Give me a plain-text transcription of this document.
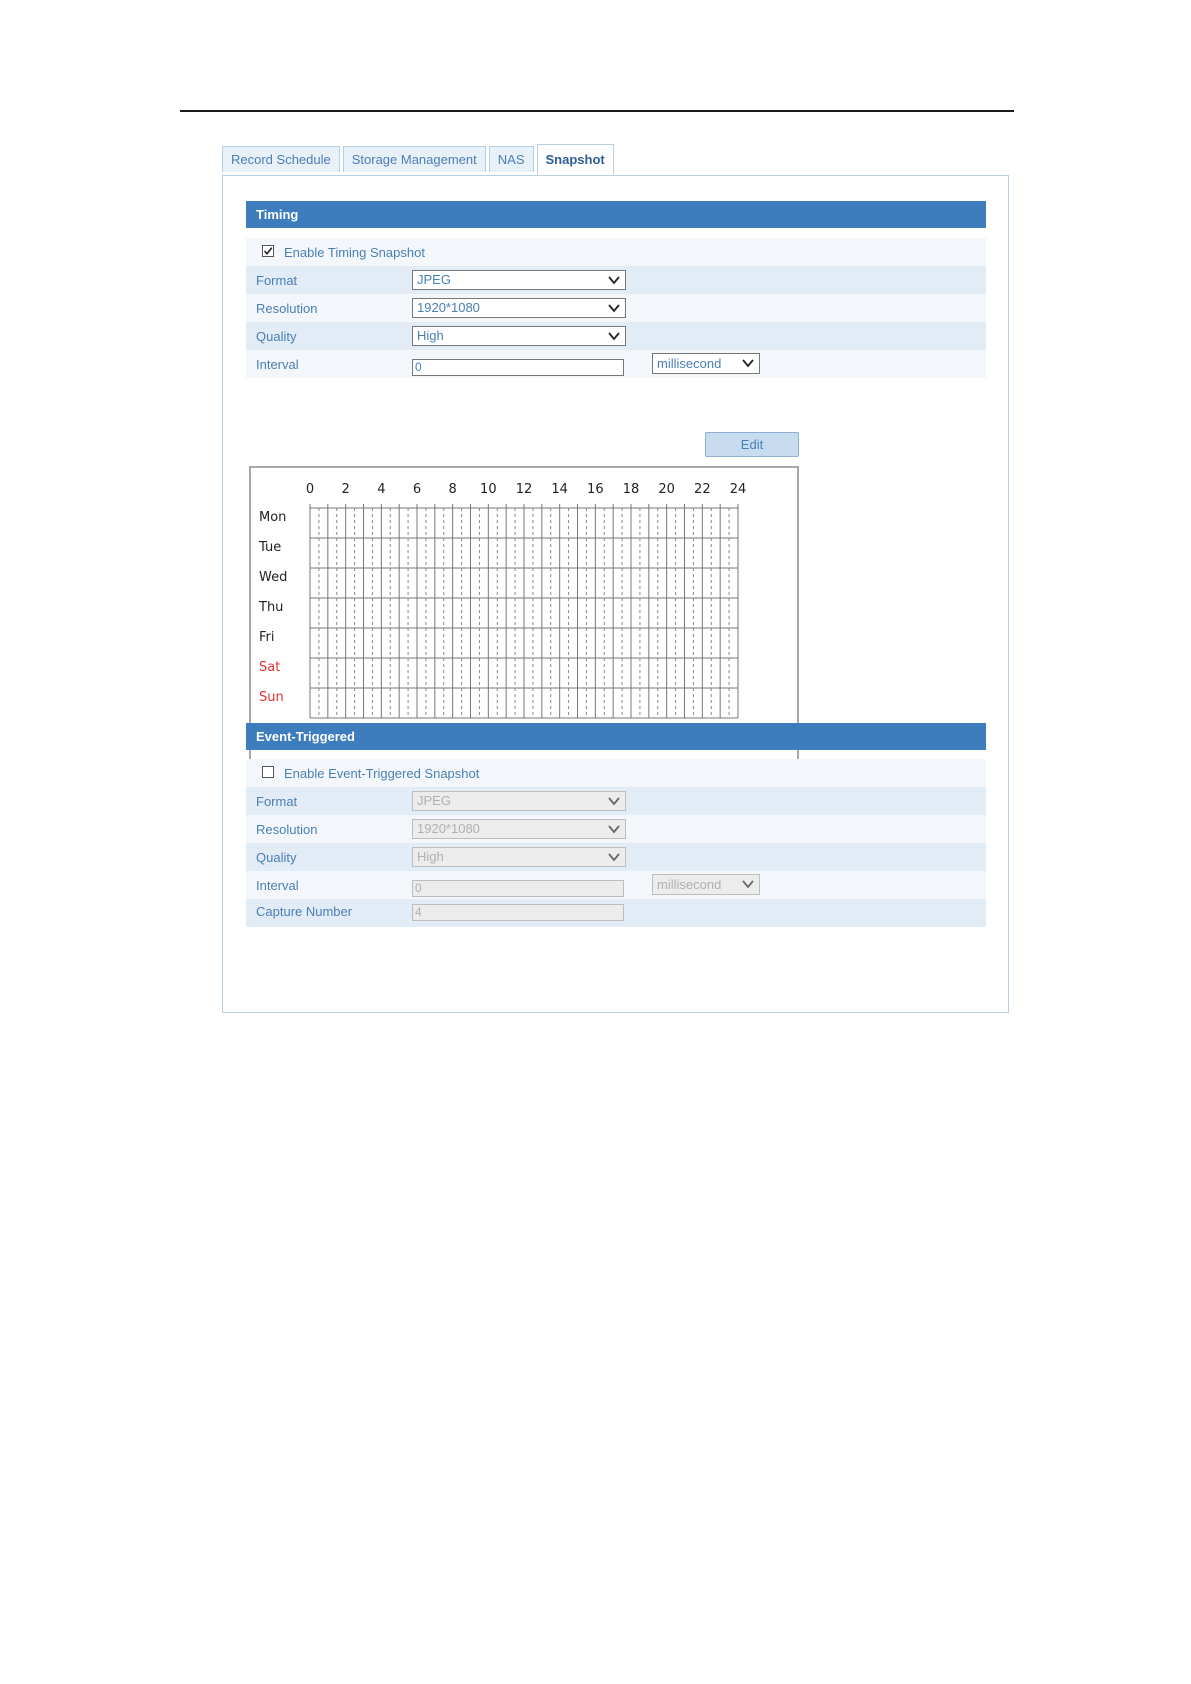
Record Schedule	Storage Management	NAS	Snapshot
Timing
Enable Timing Snapshot
Format	JPEG
Resolution	1920*1080
Quality	High
Interval	0	millisecond
Edit
0	2	4	6	8	10	12	14	16	18	20	22	24
Mon
Tue
Wed
Thu
Fri
Sat
Sun
Event-Triggered
Enable Event-Triggered Snapshot
Format	JPEG
Resolution	1920*1080
Quality	High
Interval	0	millisecond
Capture Number	4
